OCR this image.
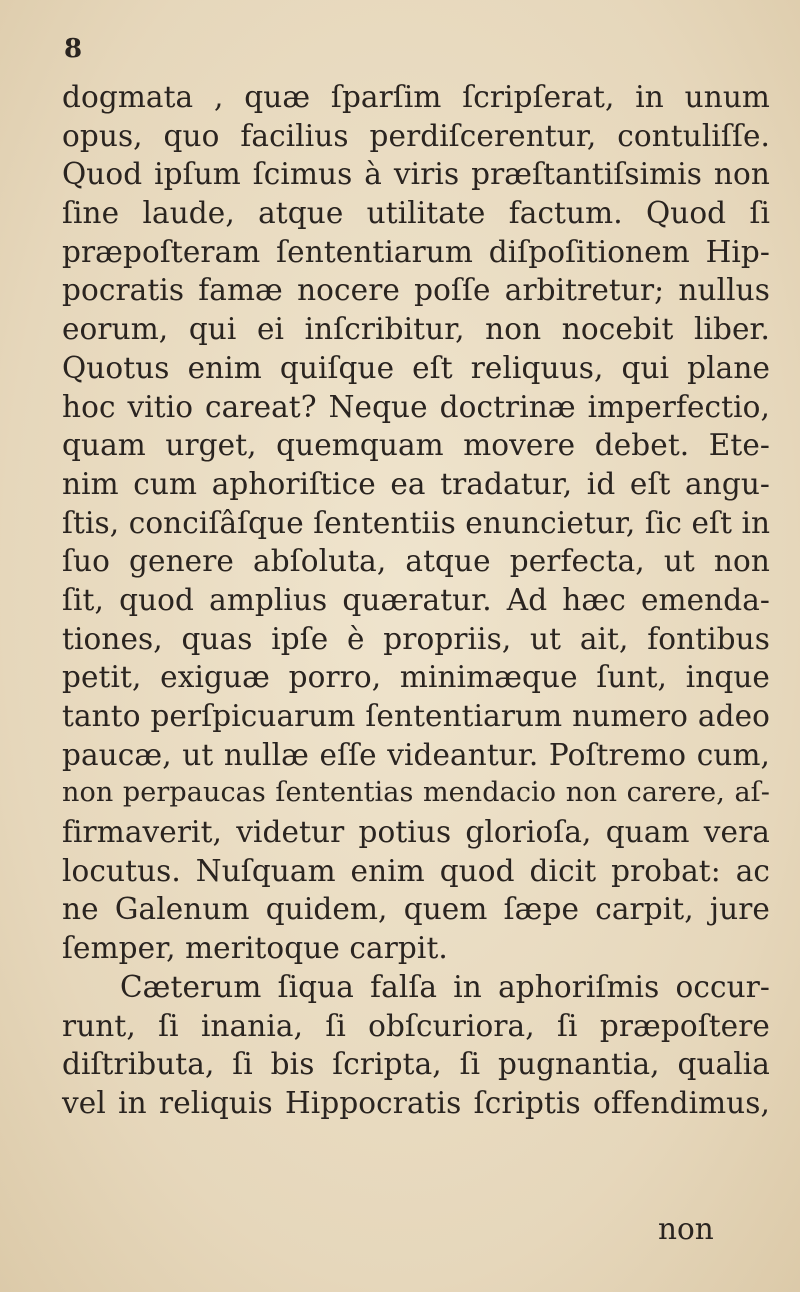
8
dogmata , quæ ſparſim ſcripſerat, in unum
opus, quo facilius perdiſcerentur, contuliſſe.
Quod ipſum ſcimus à viris præſtantiſsimis non
ſine laude, atque utilitate factum. Quod ſi
præpoſteram ſententiarum diſpoſitionem Hip-
pocratis famæ nocere poſſe arbitretur; nullus
eorum, qui ei inſcribitur, non nocebit liber.
Quotus enim quiſque eſt reliquus, qui plane
hoc vitio careat? Neque doctrinæ imperfectio,
quam urget, quemquam movere debet. Ete-
nim cum aphoriſtice ea tradatur, id eſt angu-
ſtis, conciſâſque ſententiis enuncietur, ſic eſt in
ſuo genere abſoluta, atque perfecta, ut non
ſit, quod amplius quæratur. Ad hæc emenda-
tiones, quas ipſe è propriis, ut ait, fontibus
petit, exiguæ porro, minimæque ſunt, inque
tanto perſpicuarum ſententiarum numero adeo
paucæ, ut nullæ eſſe videantur. Poſtremo cum,
non perpaucas ſententias mendacio non carere, aſ-
firmaverit, videtur potius glorioſa, quam vera
locutus. Nuſquam enim quod dicit probat: ac
ne Galenum quidem, quem ſæpe carpit, jure
ſemper, meritoque carpit.
Cæterum ſiqua falſa in aphoriſmis occur-
runt, ſi inania, ſi obſcuriora, ſi præpoſtere
diſtributa, ſi bis ſcripta, ſi pugnantia, qualia
vel in reliquis Hippocratis ſcriptis offendimus,
non
